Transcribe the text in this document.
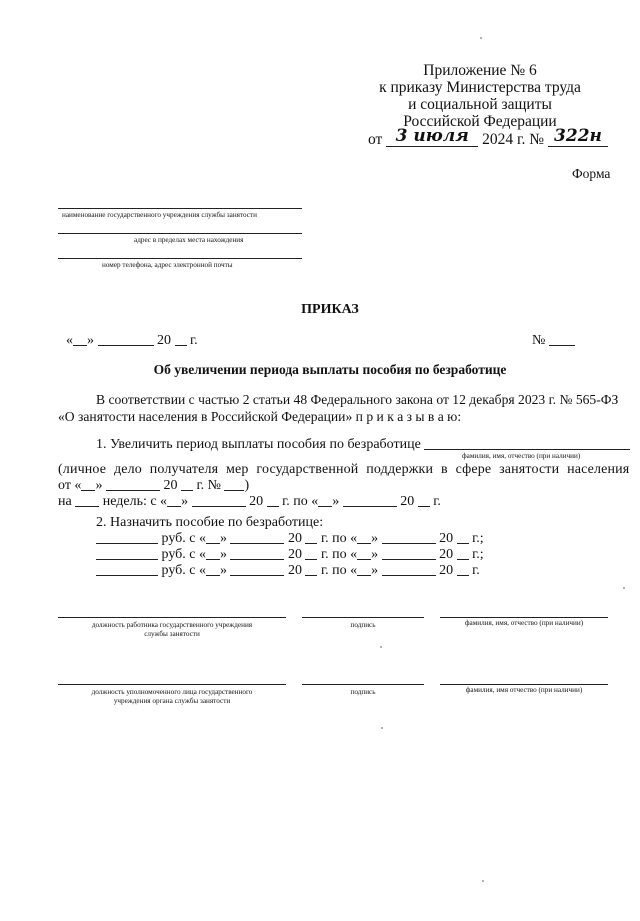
Приложение № 6
к приказу Министерства труда
и социальной защиты
Российской Федерации
от 3 июля 2024 г. № 322н
Форма
наименование государственного учреждения службы занятости
адрес в пределах места нахождения
номер телефона, адрес электронной почты
ПРИКАЗ
« »	20 г.	№
Об увеличении периода выплаты пособия по безработице
В соответствии с частью 2 статьи 48 Федерального закона от 12 декабря 2023 г. № 565-ФЗ
«О занятости населения в Российской Федерации» п р и к а з ы в а ю:
1. Увеличить период выплаты пособия по безработице
фамилия, имя, отчество (при наличии)
(личное дело получателя мер государственной поддержки в сфере занятости населения
от « »	20 г. № )
на недель: с « »	20 г. по « »	20 г.
2. Назначить пособие по безработице:
руб. с « »	20 г. по « »	20 г.;
руб. с « »	20 г. по « »	20 г.;
руб. с « »	20 г. по « »	20 г.
должность работника государственного учреждения
службы занятости
подпись	фамилия, имя, отчество (при наличии)
должность уполномоченного лица государственного
учреждения органа службы занятости
подпись	фамилия, имя отчество (при наличии)
